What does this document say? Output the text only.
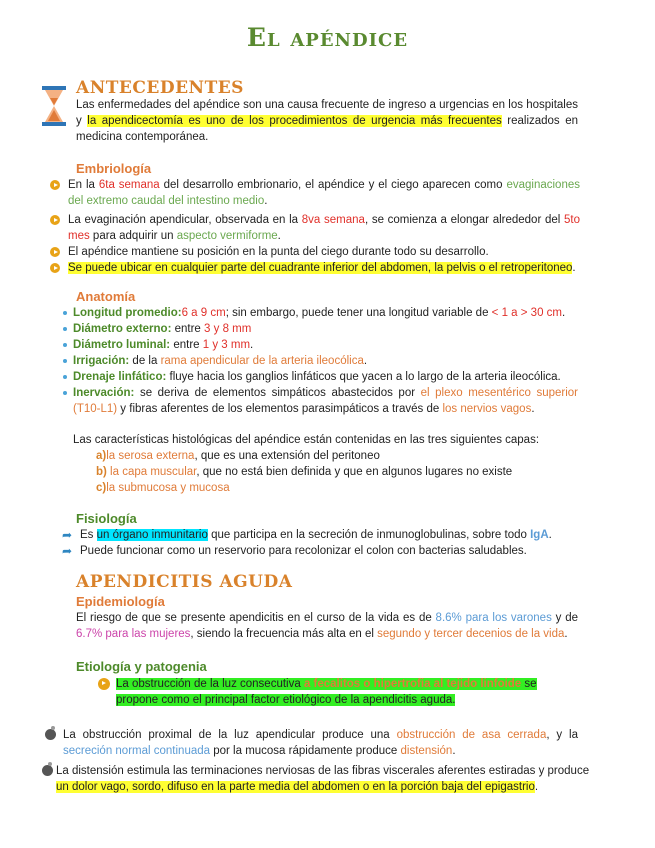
El apéndice
ANTECEDENTES
Las enfermedades del apéndice son una causa frecuente de ingreso a urgencias en los hospitales y la apendicectomía es uno de los procedimientos de urgencia más frecuentes realizados en medicina contemporánea.
Embriología
En la 6ta semana del desarrollo embrionario, el apéndice y el ciego aparecen como evaginaciones del extremo caudal del intestino medio.
La evaginación apendicular, observada en la 8va semana, se comienza a elongar alrededor del 5to mes para adquirir un aspecto vermiforme.
El apéndice mantiene su posición en la punta del ciego durante todo su desarrollo.
Se puede ubicar en cualquier parte del cuadrante inferior del abdomen, la pelvis o el retroperitoneo.
Anatomía
Longitud promedio:6 a 9 cm; sin embargo, puede tener una longitud variable de < 1 a > 30 cm.
Diámetro externo: entre 3 y 8 mm
Diámetro luminal: entre 1 y 3 mm.
Irrigación: de la rama apendicular de la arteria ileocólica.
Drenaje linfático: fluye hacia los ganglios linfáticos que yacen a lo largo de la arteria ileocólica.
Inervación: se deriva de elementos simpáticos abastecidos por el plexo mesentérico superior (T10-L1) y fibras aferentes de los elementos parasimpáticos a través de los nervios vagos.
Las características histológicas del apéndice están contenidas en las tres siguientes capas:
a)la serosa externa, que es una extensión del peritoneo
b) la capa muscular, que no está bien definida y que en algunos lugares no existe
c)la submucosa y mucosa
Fisiología
➦ Es un órgano inmunitario que participa en la secreción de inmunoglobulinas, sobre todo IgA.
➦ Puede funcionar como un reservorio para recolonizar el colon con bacterias saludables.
APENDICITIS AGUDA
Epidemiología
El riesgo de que se presente apendicitis en el curso de la vida es de 8.6% para los varones y de 6.7% para las mujeres, siendo la frecuencia más alta en el segundo y tercer decenios de la vida.
Etiología y patogenia
La obstrucción de la luz consecutiva a fecalitos o hipertrofia al tejido linfoide se propone como el principal factor etiológico de la apendicitis aguda.
La obstrucción proximal de la luz apendicular produce una obstrucción de asa cerrada, y la secreción normal continuada por la mucosa rápidamente produce distensión.
La distensión estimula las terminaciones nerviosas de las fibras viscerales aferentes estiradas y produce
un dolor vago, sordo, difuso en la parte media del abdomen o en la porción baja del epigastrio.
